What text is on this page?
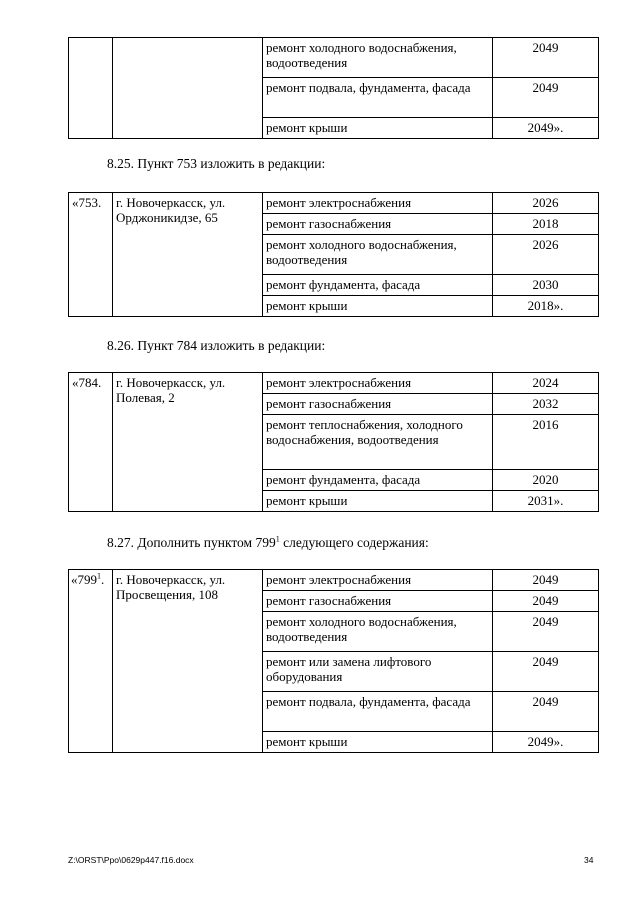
		ремонт холодного водоснабжения, водоотведения	2049
		ремонт подвала, фундамента, фасада	2049
		ремонт крыши	2049».
8.25. Пункт 753 изложить в редакции:
«753.	г. Новочеркасск, ул. Орджоникидзе, 65	ремонт электроснабжения	2026
		ремонт газоснабжения	2018
		ремонт холодного водоснабжения, водоотведения	2026
		ремонт фундамента, фасада	2030
		ремонт крыши	2018».
8.26. Пункт 784 изложить в редакции:
«784.	г. Новочеркасск, ул. Полевая, 2	ремонт электроснабжения	2024
		ремонт газоснабжения	2032
		ремонт теплоснабжения, холодного водоснабжения, водоотведения	2016
		ремонт фундамента, фасада	2020
		ремонт крыши	2031».
8.27. Дополнить пунктом $799^1$ следующего содержания:
«$799^1$.	г. Новочеркасск, ул. Просвещения, 108	ремонт электроснабжения	2049
		ремонт газоснабжения	2049
		ремонт холодного водоснабжения, водоотведения	2049
		ремонт или замена лифтового оборудования	2049
		ремонт подвала, фундамента, фасада	2049
		ремонт крыши	2049».
Z:\ORST\Ppo\0629p447.f16.docx	34
